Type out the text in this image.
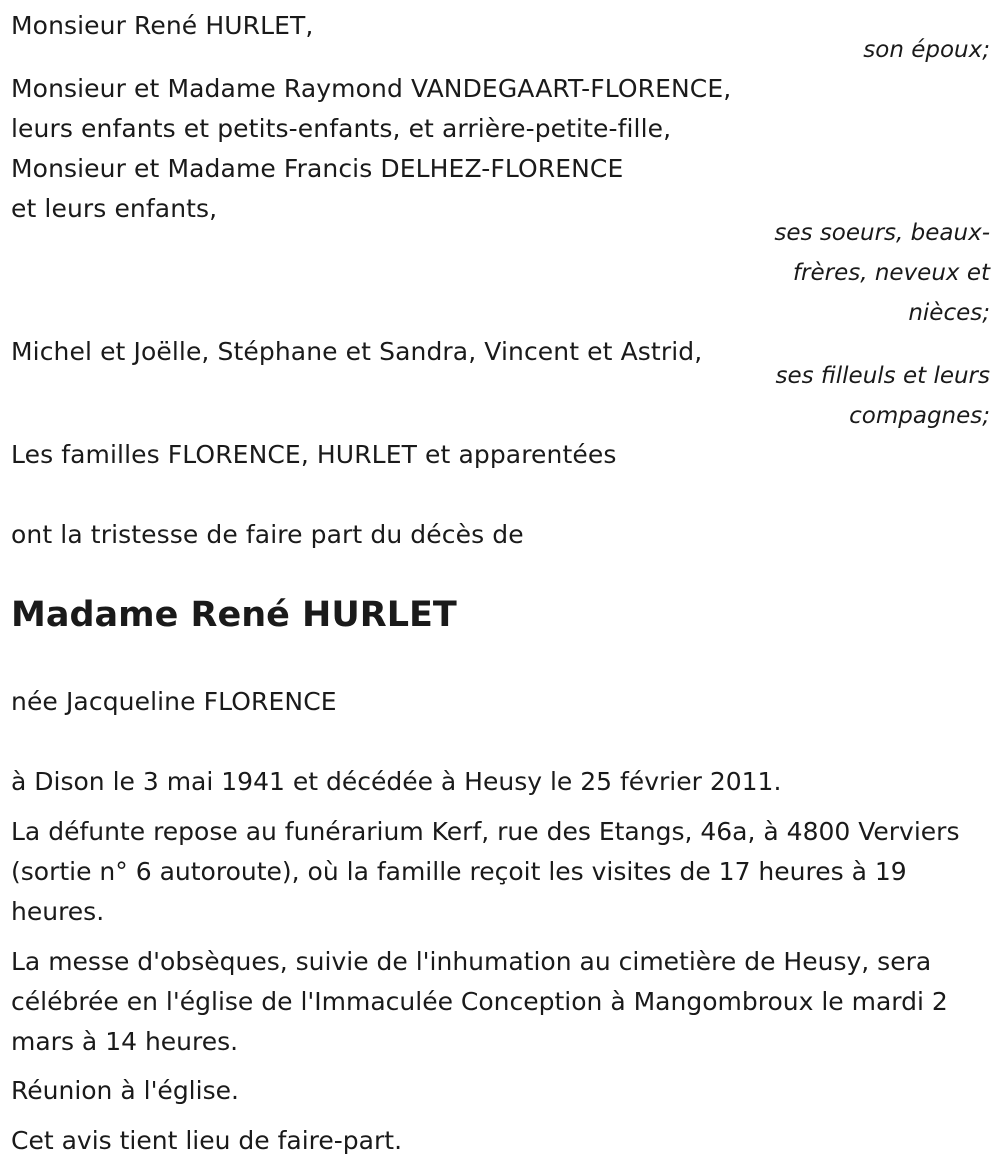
Monsieur René HURLET,
son époux;
Monsieur et Madame Raymond VANDEGAART-FLORENCE,
leurs enfants et petits-enfants, et arrière-petite-fille,
Monsieur et Madame Francis DELHEZ-FLORENCE
et leurs enfants,
ses soeurs, beaux-frères, neveux et nièces;
Michel et Joëlle, Stéphane et Sandra, Vincent et Astrid,
ses filleuls et leurs compagnes;
Les familles FLORENCE, HURLET et apparentées
ont la tristesse de faire part du décès de
Madame René HURLET
née Jacqueline FLORENCE
à Dison le 3 mai 1941 et décédée à Heusy le 25 février 2011.
La défunte repose au funérarium Kerf, rue des Etangs, 46a, à 4800 Verviers (sortie n° 6 autoroute), où la famille reçoit les visites de 17 heures à 19 heures.
La messe d'obsèques, suivie de l'inhumation au cimetière de Heusy, sera célébrée en l'église de l'Immaculée Conception à Mangombroux le mardi 2 mars à 14 heures.
Réunion à l'église.
Cet avis tient lieu de faire-part.
